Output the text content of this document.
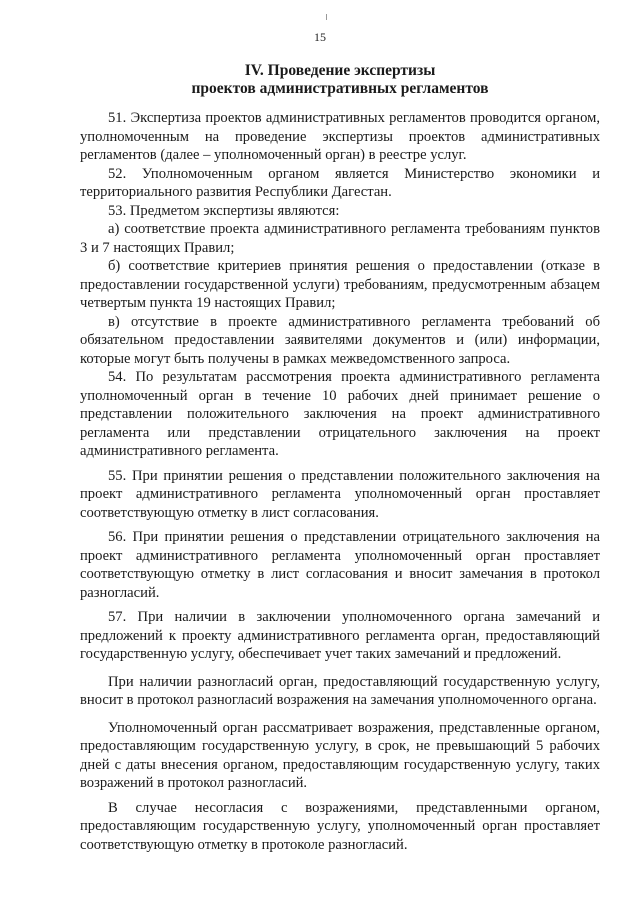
15
IV. Проведение экспертизы
проектов административных регламентов

51. Экспертиза проектов административных регламентов проводится органом, уполномоченным на проведение экспертизы проектов административных регламентов (далее – уполномоченный орган) в реестре услуг.

52. Уполномоченным органом является Министерство экономики и территориального развития Республики Дагестан.

53. Предметом экспертизы являются:

а) соответствие проекта административного регламента требованиям пунктов 3 и 7 настоящих Правил;

б) соответствие критериев принятия решения о предоставлении (отказе в предоставлении государственной услуги) требованиям, предусмотренным абзацем четвертым пункта 19 настоящих Правил;

в) отсутствие в проекте административного регламента требований об обязательном предоставлении заявителями документов и (или) информации, которые могут быть получены в рамках межведомственного запроса.

54. По результатам рассмотрения проекта административного регламента уполномоченный орган в течение 10 рабочих дней принимает решение о представлении положительного заключения на проект административного регламента или представлении отрицательного заключения на проект административного регламента.

55. При принятии решения о представлении положительного заключения на проект административного регламента уполномоченный орган проставляет соответствующую отметку в лист согласования.

56. При принятии решения о представлении отрицательного заключения на проект административного регламента уполномоченный орган проставляет соответствующую отметку в лист согласования и вносит замечания в протокол разногласий.

57. При наличии в заключении уполномоченного органа замечаний и предложений к проекту административного регламента орган, предоставляющий государственную услугу, обеспечивает учет таких замечаний и предложений.

При наличии разногласий орган, предоставляющий государственную услугу, вносит в протокол разногласий возражения на замечания уполномоченного органа.

Уполномоченный орган рассматривает возражения, представленные органом, предоставляющим государственную услугу, в срок, не превышающий 5 рабочих дней с даты внесения органом, предоставляющим государственную услугу, таких возражений в протокол разногласий.

В случае несогласия с возражениями, представленными органом, предоставляющим государственную услугу, уполномоченный орган проставляет соответствующую отметку в протоколе разногласий.
